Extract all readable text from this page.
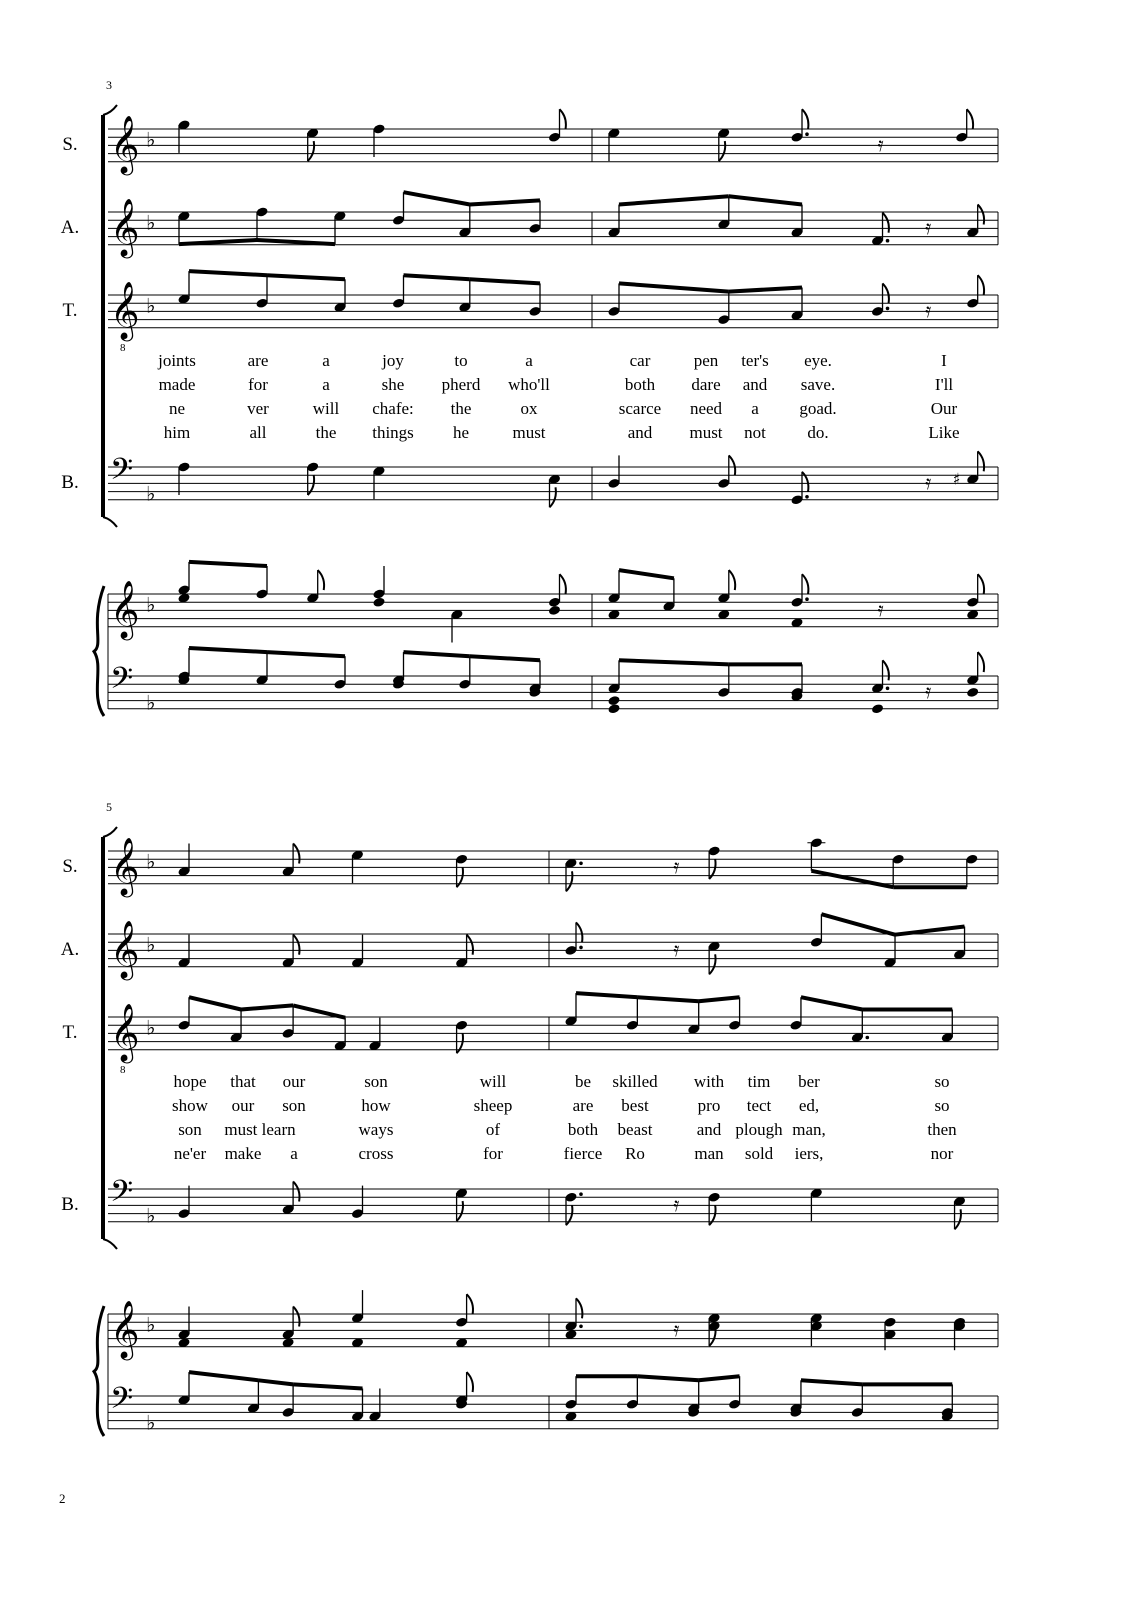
3
S. 𝄞 ♭	𝄿
A. 𝄞 ♭	𝄿
T. 𝄞
8
♭	𝄿
B. 𝄢 ♭	𝄿 ♯
𝄞 ♭	𝄿
𝄢 ♭	𝄿
joints	are	a	joy	to	a	car	pen ter's eye.	I
made	for	a	she pherd who'll	both dare and save.	I'll
ne	ver	will chafe: the	ox	scarce need a goad.	Our
him	all	the things he	must	and must not do.	Like
5
S. 𝄞 ♭	𝄿
A. 𝄞 ♭	𝄿
T. 𝄞
8
♭
B. 𝄢 ♭	𝄿
𝄞 ♭	𝄿
𝄢 ♭
hope that our	son	will	be skilled with tim ber	so
show our son	how	sheep	are best	pro tect ed,	so
son must learn	ways	of	both beast	and plough man,	then
ne'er make a	cross	for	fierce Ro	man sold iers,	nor
2
